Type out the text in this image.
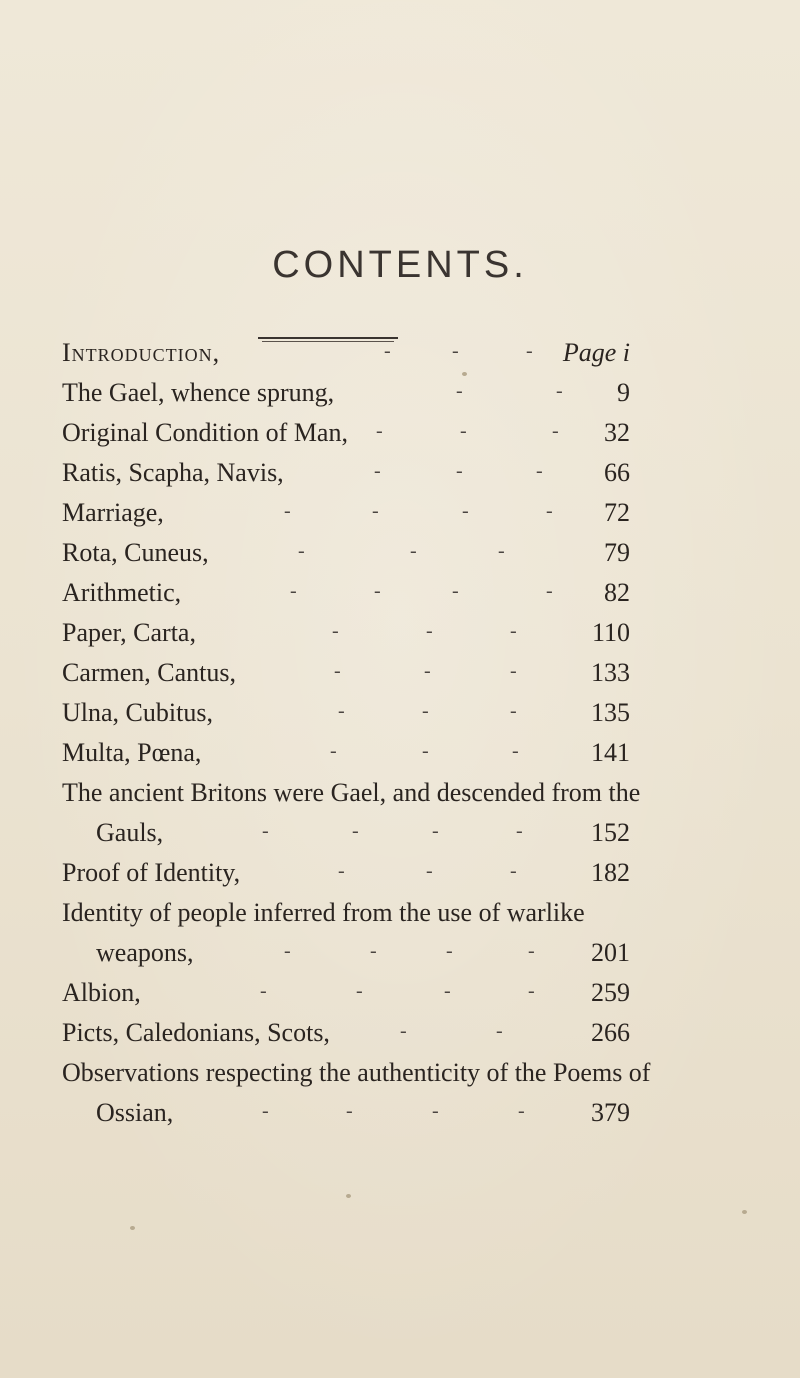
CONTENTS.
Introduction,	-	-	- Page i
The Gael, whence sprung,	-	- 9
Original Condition of Man, -	-	- 32
Ratis, Scapha, Navis,	-	-	- 66
Marriage,	-	-	-	- 72
Rota, Cuneus,	-	-	-	79
Arithmetic,	-	-	-	- 82
Paper, Carta,	-	-	-	110
Carmen, Cantus,	-	-	-	133
Ulna, Cubitus,	-	-	-	135
Multa, Pœna,	-	-	-	141
The ancient Britons were Gael, and descended from the
Gauls,	-	-	-	-	152
Proof of Identity,	-	-	-	182
Identity of people inferred from the use of warlike
weapons,	-	-	-	- 201
Albion,	-	-	-	- 259
Picts, Caledonians, Scots,	-	-	266
Observations respecting the authenticity of the Poems of
Ossian,	-	-	-	-	379
